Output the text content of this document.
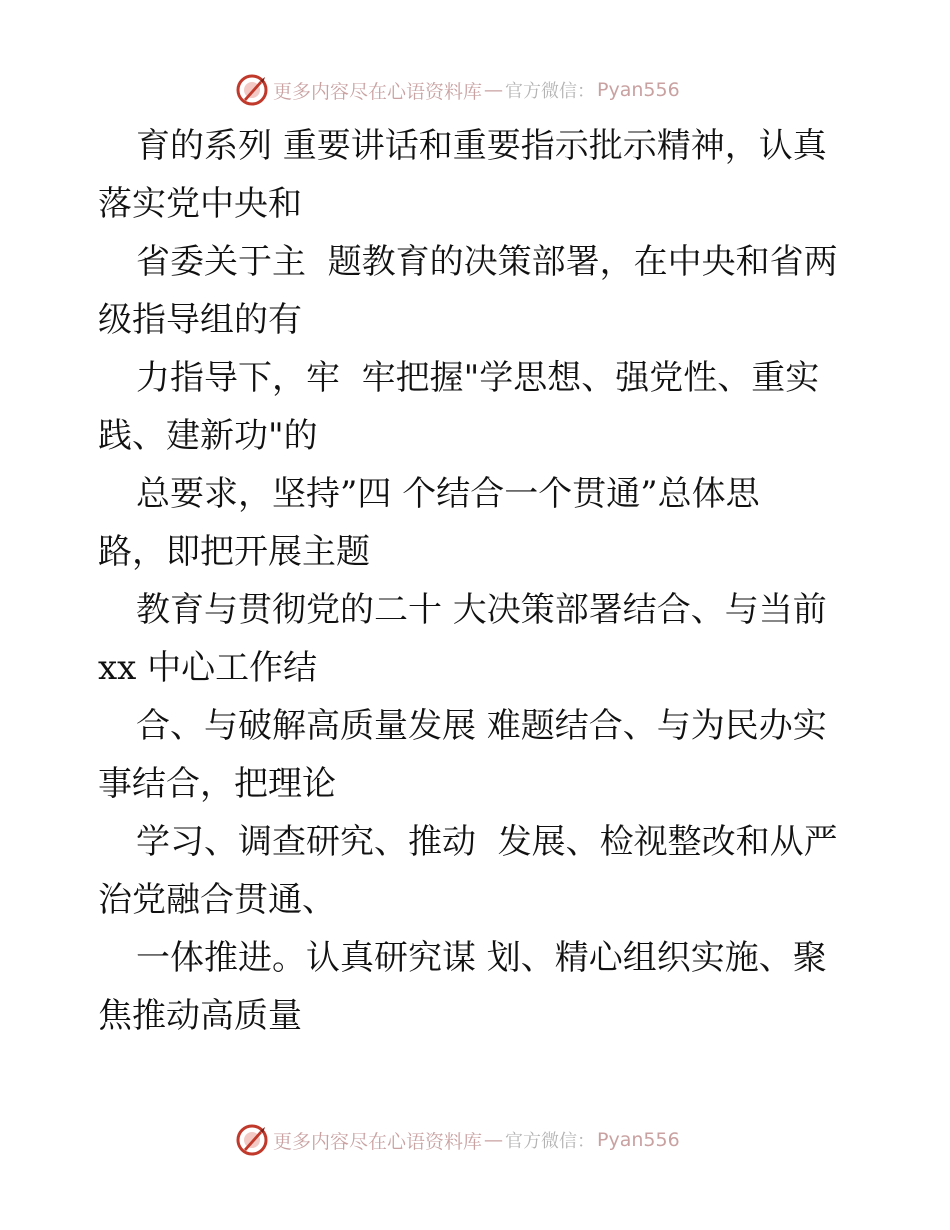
更多内容尽在心语资料库 — 官方微信： Pyan556
育的系列 重要讲话和重要指示批示精神，认真
落实党中央和
省委关于主  题教育的决策部署，在中央和省两
级指导组的有
力指导下，牢  牢把握"学思想、强党性、重实
践、建新功"的
总要求，坚持”四 个结合一个贯通”总体思
路，即把开展主题
教育与贯彻党的二十 大决策部署结合、与当前
xx 中心工作结
合、与破解高质量发展 难题结合、与为民办实
事结合，把理论
学习、调查研究、推动  发展、检视整改和从严
治党融合贯通、
一体推进。认真研究谋 划、精心组织实施、聚
焦推动高质量
更多内容尽在心语资料库 — 官方微信： Pyan556
